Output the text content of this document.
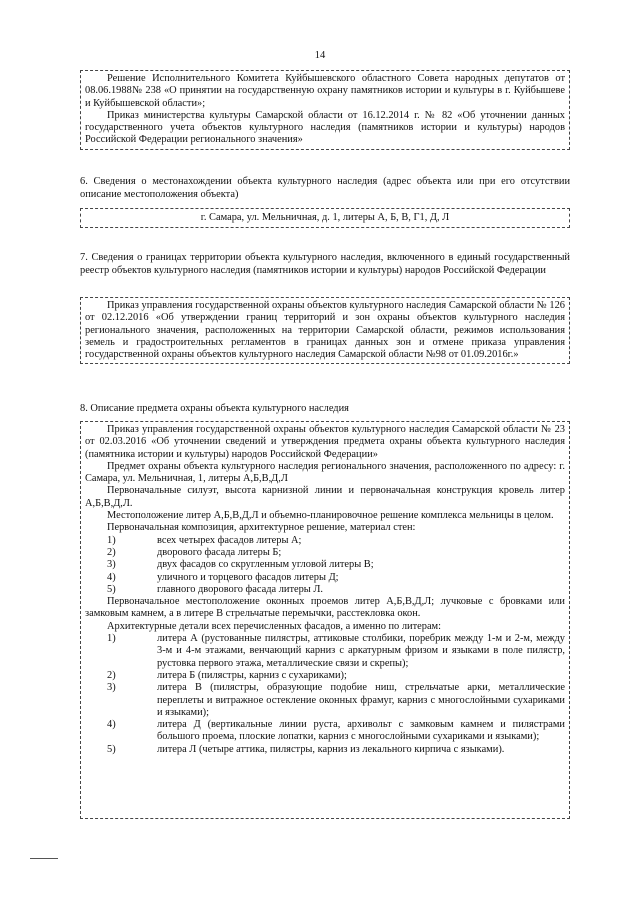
14

Решение Исполнительного Комитета Куйбышевского областного Совета народных депутатов от 08.06.1988№ 238 «О принятии на государственную охрану памятников истории и культуры в г. Куйбышеве и Куйбышевской области»;

Приказ министерства культуры Самарской области от 16.12.2014 г. № 82 «Об уточнении данных государственного учета объектов культурного наследия (памятников истории и культуры) народов Российской Федерации регионального значения»

6. Сведения о местонахождении объекта культурного наследия (адрес объекта или при его отсутствии описание местоположения объекта)

г. Самара, ул. Мельничная, д. 1, литеры А, Б, В, Г1, Д, Л

7. Сведения о границах территории объекта культурного наследия, включенного в единый государственный реестр объектов культурного наследия (памятников истории и культуры) народов Российской Федерации

Приказ управления государственной охраны объектов культурного наследия Самарской области № 126 от 02.12.2016 «Об утверждении границ территорий и зон охраны объектов культурного наследия регионального значения, расположенных на территории Самарской области, режимов использования земель и градостроительных регламентов в границах данных зон и отмене приказа управления государственной охраны объектов культурного наследия Самарской области №98 от 01.09.2016г.»

8. Описание предмета охраны объекта культурного наследия

Приказ управления государственной охраны объектов культурного наследия Самарской области № 23 от 02.03.2016 «Об уточнении сведений и утверждения предмета охраны объекта культурного наследия (памятника истории и культуры) народов Российской Федерации»

Предмет охраны объекта культурного наследия регионального значения, расположенного по адресу: г. Самара, ул. Мельничная, 1, литеры А,Б,В,Д,Л

Первоначальные силуэт, высота карнизной линии и первоначальная конструкция кровель литер А,Б,В,Д,Л.

Местоположение литер А,Б,В,Д,Л и объемно-планировочное решение комплекса мельницы в целом.

Первоначальная композиция, архитектурное решение, материал стен:

1)	всех четырех фасадов литеры А;
2)	дворового фасада литеры Б;
3)	двух фасадов со скругленным угловой литеры В;
4)	уличного и торцевого фасадов литеры Д;
5)	главного дворового фасада литеры Л.

Первоначальное местоположение оконных проемов литер А,Б,В,Д,Л; лучковые с бровками или замковым камнем, а в литере В стрельчатые перемычки, расстекловка окон.

Архитектурные детали всех перечисленных фасадов, а именно по литерам:

1)	литера А (рустованные пилястры, аттиковые столбики, поребрик между 1-м и 2-м, между 3-м и 4-м этажами, венчающий карниз с аркатурным фризом и языками в поле пилястр, рустовка первого этажа, металлические связи и скрепы);
2)	литера Б (пилястры, карниз с сухариками);
3)	литера В (пилястры, образующие подобие ниш, стрельчатые арки, металлические переплеты и витражное остекление оконных фрамуг, карниз с многослойными сухариками и языками);
4)	литера Д (вертикальные линии руста, архивольт с замковым камнем и пилястрами большого проема, плоские лопатки, карниз с многослойными сухариками и языками);
5)	литера Л (четыре аттика, пилястры, карниз из лекального кирпича с языками).
